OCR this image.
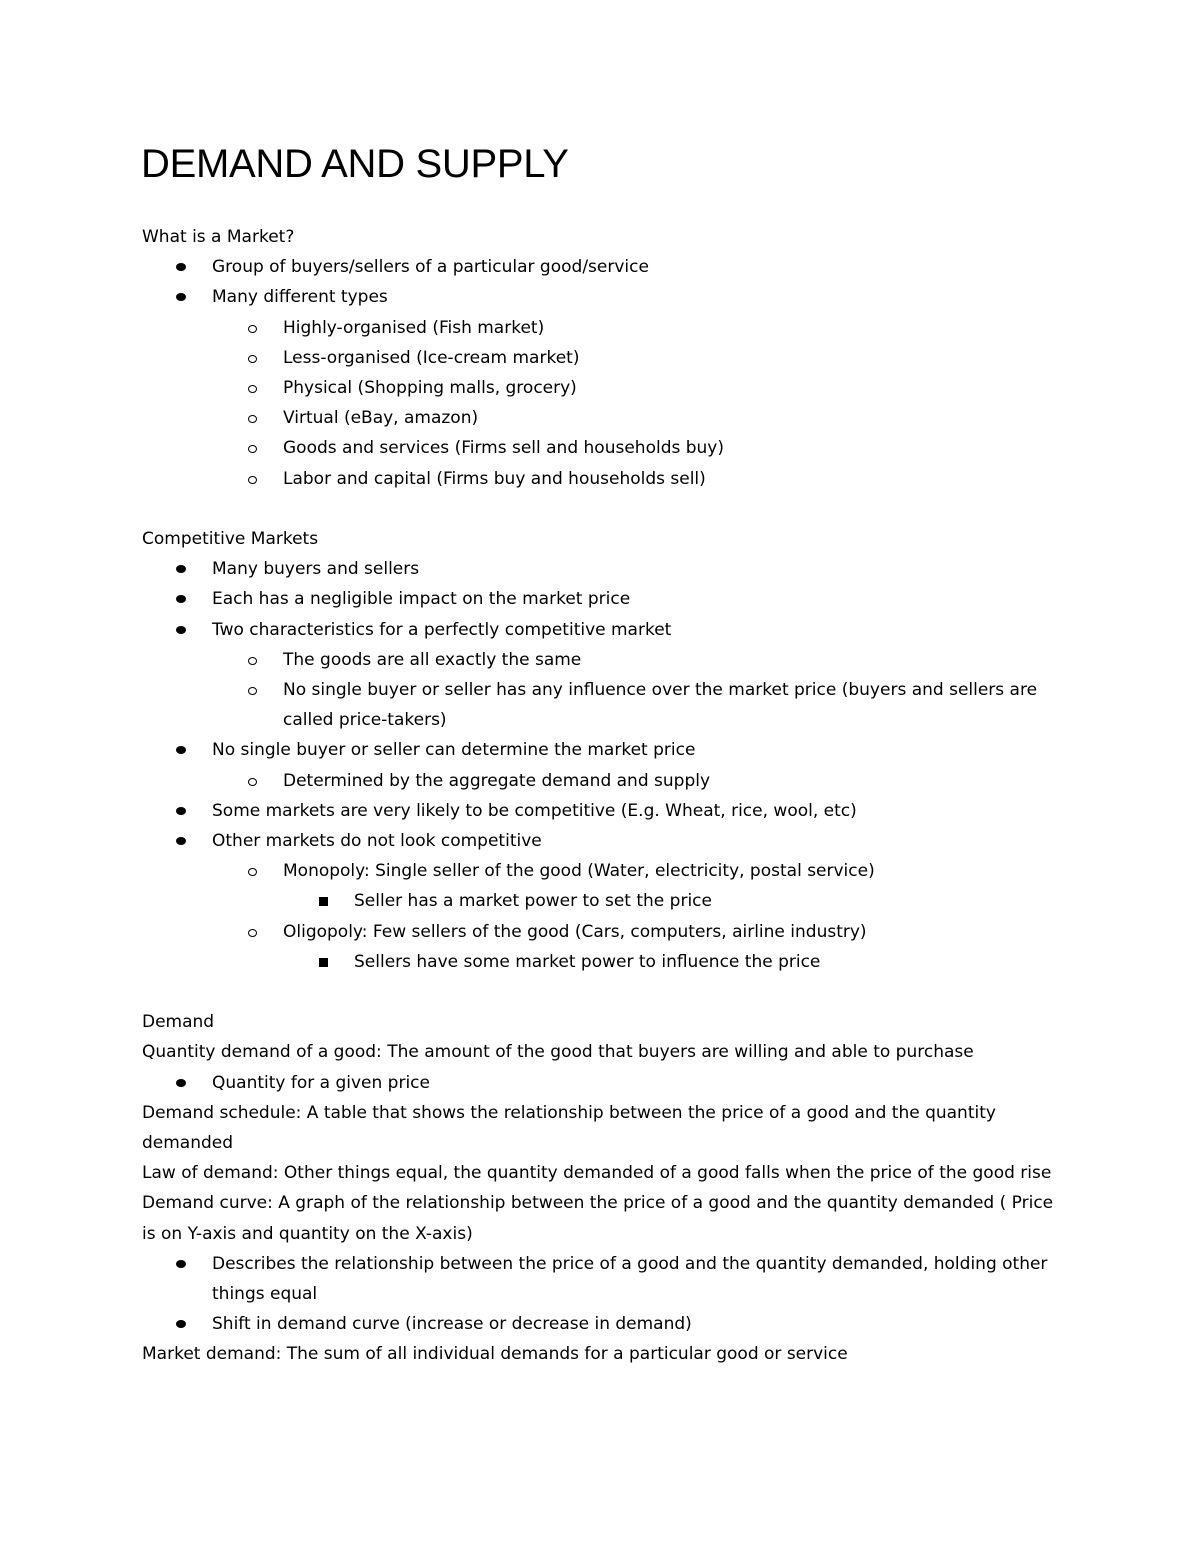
DEMAND AND SUPPLY
What is a Market?
Group of buyers/sellers of a particular good/service
Many different types
Highly-organised (Fish market)
Less-organised (Ice-cream market)
Physical (Shopping malls, grocery)
Virtual (eBay, amazon)
Goods and services (Firms sell and households buy)
Labor and capital (Firms buy and households sell)
Competitive Markets
Many buyers and sellers
Each has a negligible impact on the market price
Two characteristics for a perfectly competitive market
The goods are all exactly the same
No single buyer or seller has any influence over the market price (buyers and sellers are called price-takers)
No single buyer or seller can determine the market price
Determined by the aggregate demand and supply
Some markets are very likely to be competitive (E.g. Wheat, rice, wool, etc)
Other markets do not look competitive
Monopoly: Single seller of the good (Water, electricity, postal service)
Seller has a market power to set the price
Oligopoly: Few sellers of the good (Cars, computers, airline industry)
Sellers have some market power to influence the price
Demand
Quantity demand of a good: The amount of the good that buyers are willing and able to purchase
Quantity for a given price
Demand schedule: A table that shows the relationship between the price of a good and the quantity demanded
Law of demand: Other things equal, the quantity demanded of a good falls when the price of the good rise
Demand curve: A graph of the relationship between the price of a good and the quantity demanded ( Price is on Y-axis and quantity on the X-axis)
Describes the relationship between the price of a good and the quantity demanded, holding other things equal
Shift in demand curve (increase or decrease in demand)
Market demand: The sum of all individual demands for a particular good or service
